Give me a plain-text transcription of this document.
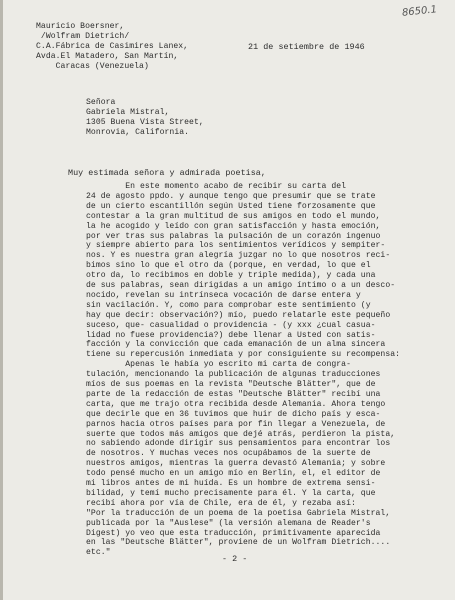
8650.1
Mauricio Boersner,
/Wolfram Dietrich/
C.A.Fábrica de Casimires Lanex,
Avda.El Matadero, San Martín,
Caracas (Venezuela)
21 de setiembre de 1946
Señora
Gabriela Mistral,
1305 Buena Vista Street,
Monrovia, California.
Muy estimada señora y admirada poetisa,
En este momento acabo de recibir su carta del
24 de agosto ppdo. y aunque tengo que presumir que se trate
de un cierto escantillón según Usted tiene forzosamente que
contestar a la gran multitud de sus amigos en todo el mundo,
la he acogido y leído con gran satisfacción y hasta emoción,
por ver tras sus palabras la pulsación de un corazón ingenuo
y siempre abierto para los sentimientos verídicos y sempiter-
nos. Y es nuestra gran alegría juzgar no lo que nosotros reci-
bimos sino lo que el otro da (porque, en verdad, lo que el
otro da, lo recibimos en doble y triple medida), y cada una
de sus palabras, sean dirigidas a un amigo íntimo o a un desco-
nocido, revelan su intrínseca vocación de darse entera y
sin vacilación. Y, como para comprobar este sentimiento (y
hay que decir: observación?) mío, puedo relatarle este pequeño
suceso, que- casualidad o providencia - (y xxx ¿cual casua-
lidad no fuese providencia?) debe llenar a Usted con satis-
facción y la convicción que cada emanación de un alma sincera
tiene su repercusión inmediata y por consiguiente su recompensa:
Apenas le había yo escrito mi carta de congra-
tulación, mencionando la publicación de algunas traducciones
míos de sus poemas en la revista "Deutsche Blätter", que de
parte de la redacción de estas "Deutsche Blätter" recibí una
carta, que me trajo otra recibida desde Alemania. Ahora tengo
que decirle que en 36 tuvimos que huir de dicho país y esca-
parnos hacia otros países para por fin llegar a Venezuela, de
suerte que todos más amigos que dejé atrás, perdieron la pista,
no sabiendo adonde dirigir sus pensamientos para encontrar los
de nosotros. Y muchas veces nos ocupábamos de la suerte de
nuestros amigos, mientras la guerra devastó Alemania; y sobre
todo pensé mucho en un amigo mío en Berlín, el, el editor de
mi libros antes de mi huída. Es un hombre de extrema sensi-
bilidad, y temí mucho precisamente para él. Y la carta, que
recibí ahora por vía de Chile, era de él, y rezaba así:
"Por la traducción de un poema de la poetisa Gabriela Mistral,
publicada por la "Auslese" (la versión alemana de Reader's
Digest) yo veo que esta traducción, primitivamente aparecida
en las "Deutsche Blätter", proviene de un Wolfram Dietrich....
etc."
- 2 -
